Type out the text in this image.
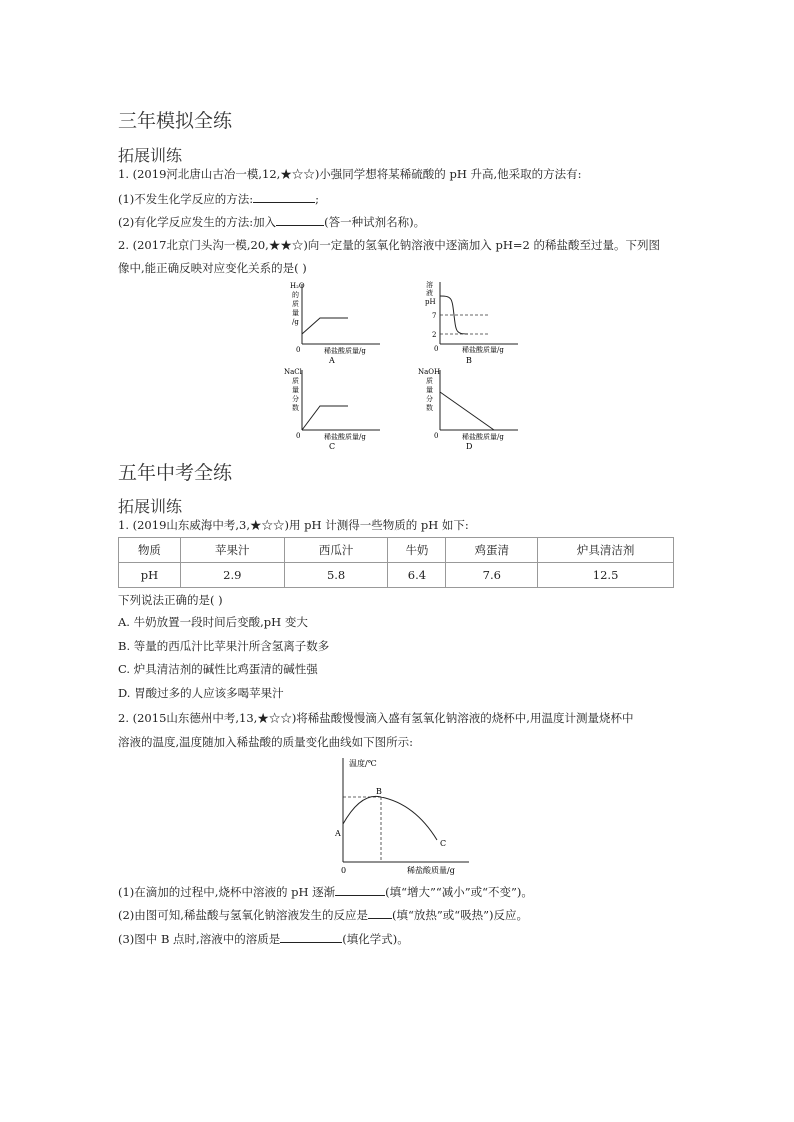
三年模拟全练
拓展训练
1. (2019河北唐山古冶一模,12,★☆☆)小强同学想将某稀硫酸的 pH 升高,他采取的方法有:
(1)不发生化学反应的方法:	;
(2)有化学反应发生的方法:加入	(答一种试剂名称)。
2. (2017北京门头沟一模,20,★★☆)向一定量的氢氧化钠溶液中逐滴加入 pH=2 的稀盐酸至过量。下列图
像中,能正确反映对应变化关系的是( )
H₂O
的
质
量
/g
0	稀盐酸质量/g
A
溶
液
pH
7
2
0	稀盐酸质量/g
B
NaCl
质
量
分
数
0	稀盐酸质量/g
C
NaOH
质
量
分
数
0	稀盐酸质量/g
D
五年中考全练
拓展训练
1. (2019山东威海中考,3,★☆☆)用 pH 计测得一些物质的 pH 如下:
物质	苹果汁	西瓜汁	牛奶	鸡蛋清	炉具清洁剂
pH	2.9	5.8	6.4	7.6	12.5
下列说法正确的是( )
A. 牛奶放置一段时间后变酸,pH 变大
B. 等量的西瓜汁比苹果汁所含氢离子数多
C. 炉具清洁剂的碱性比鸡蛋清的碱性强
D. 胃酸过多的人应该多喝苹果汁
2. (2015山东德州中考,13,★☆☆)将稀盐酸慢慢滴入盛有氢氧化钠溶液的烧杯中,用温度计测量烧杯中
溶液的温度,温度随加入稀盐酸的质量变化曲线如下图所示:
温度/℃
A
B
C
0	稀盐酸质量/g
(1)在滴加的过程中,烧杯中溶液的 pH 逐渐	(填“增大”“减小”或“不变”)。
(2)由图可知,稀盐酸与氢氧化钠溶液发生的反应是 (填“放热”或“吸热”)反应。
(3)图中 B 点时,溶液中的溶质是	(填化学式)。
